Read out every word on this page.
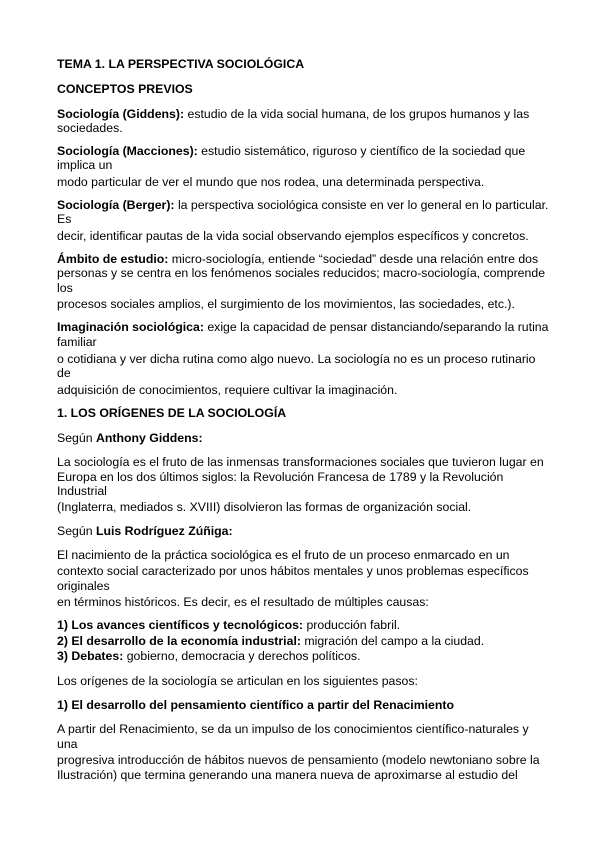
TEMA 1. LA PERSPECTIVA SOCIOLÓGICA
CONCEPTOS PREVIOS
Sociología (Giddens): estudio de la vida social humana, de los grupos humanos y las
sociedades.
Sociología (Macciones): estudio sistemático, riguroso y científico de la sociedad que
implica un
modo particular de ver el mundo que nos rodea, una determinada perspectiva.
Sociología (Berger): la perspectiva sociológica consiste en ver lo general en lo particular.
Es
decir, identificar pautas de la vida social observando ejemplos específicos y concretos.
Ámbito de estudio: micro-sociología, entiende “sociedad” desde una relación entre dos
personas y se centra en los fenómenos sociales reducidos; macro-sociología, comprende
los
procesos sociales amplios, el surgimiento de los movimientos, las sociedades, etc.).
Imaginación sociológica: exige la capacidad de pensar distanciando/separando la rutina
familiar
o cotidiana y ver dicha rutina como algo nuevo. La sociología no es un proceso rutinario
de
adquisición de conocimientos, requiere cultivar la imaginación.
1. LOS ORÍGENES DE LA SOCIOLOGÍA
Según Anthony Giddens:
La sociología es el fruto de las inmensas transformaciones sociales que tuvieron lugar en
Europa en los dos últimos siglos: la Revolución Francesa de 1789 y la Revolución
Industrial
(Inglaterra, mediados s. XVIII) disolvieron las formas de organización social.
Según Luis Rodríguez Zúñiga:
El nacimiento de la práctica sociológica es el fruto de un proceso enmarcado en un
contexto social caracterizado por unos hábitos mentales y unos problemas específicos
originales
en términos históricos. Es decir, es el resultado de múltiples causas:
1) Los avances científicos y tecnológicos: producción fabril.
2) El desarrollo de la economía industrial: migración del campo a la ciudad.
3) Debates: gobierno, democracia y derechos políticos.
Los orígenes de la sociología se articulan en los siguientes pasos:
1) El desarrollo del pensamiento científico a partir del Renacimiento
A partir del Renacimiento, se da un impulso de los conocimientos científico-naturales y
una
progresiva introducción de hábitos nuevos de pensamiento (modelo newtoniano sobre la
Ilustración) que termina generando una manera nueva de aproximarse al estudio del
